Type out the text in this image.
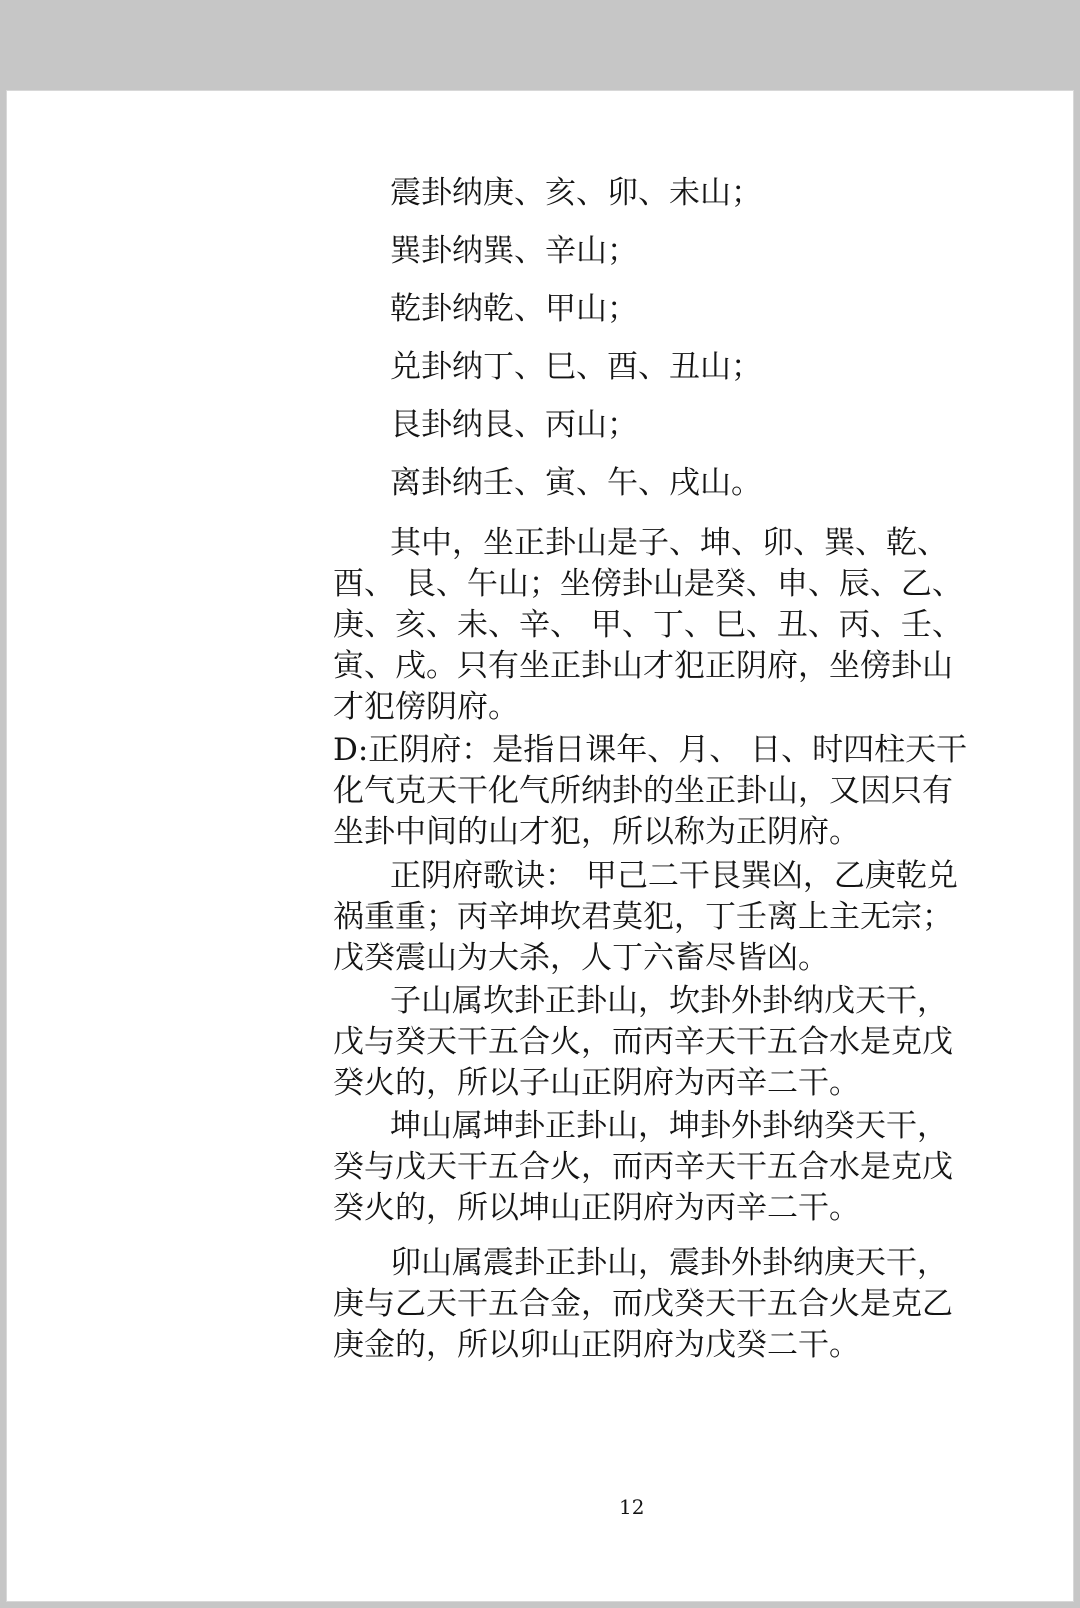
震卦纳庚、亥、卯、未山；
巽卦纳巽、辛山；
乾卦纳乾、甲山；
兑卦纳丁、巳、酉、丑山；
艮卦纳艮、丙山；
离卦纳壬、寅、午、戌山。
其中，坐正卦山是子、坤、卯、巽、乾、
酉、 艮、午山；坐傍卦山是癸、申、辰、乙、
庚、亥、未、辛、 甲、丁、巳、丑、丙、壬、
寅、戌。只有坐正卦山才犯正阴府，坐傍卦山
才犯傍阴府。
D:正阴府：是指日课年、月、 日、时四柱天干
化气克天干化气所纳卦的坐正卦山，又因只有
坐卦中间的山才犯，所以称为正阴府。
正阴府歌诀： 甲己二干艮巽凶，乙庚乾兑
祸重重；丙辛坤坎君莫犯，丁壬离上主无宗；
戊癸震山为大杀，人丁六畜尽皆凶。
子山属坎卦正卦山，坎卦外卦纳戊天干，
戊与癸天干五合火，而丙辛天干五合水是克戊
癸火的，所以子山正阴府为丙辛二干。
坤山属坤卦正卦山，坤卦外卦纳癸天干，
癸与戊天干五合火，而丙辛天干五合水是克戊
癸火的，所以坤山正阴府为丙辛二干。
卯山属震卦正卦山，震卦外卦纳庚天干，
庚与乙天干五合金，而戊癸天干五合火是克乙
庚金的，所以卯山正阴府为戊癸二干。
12
